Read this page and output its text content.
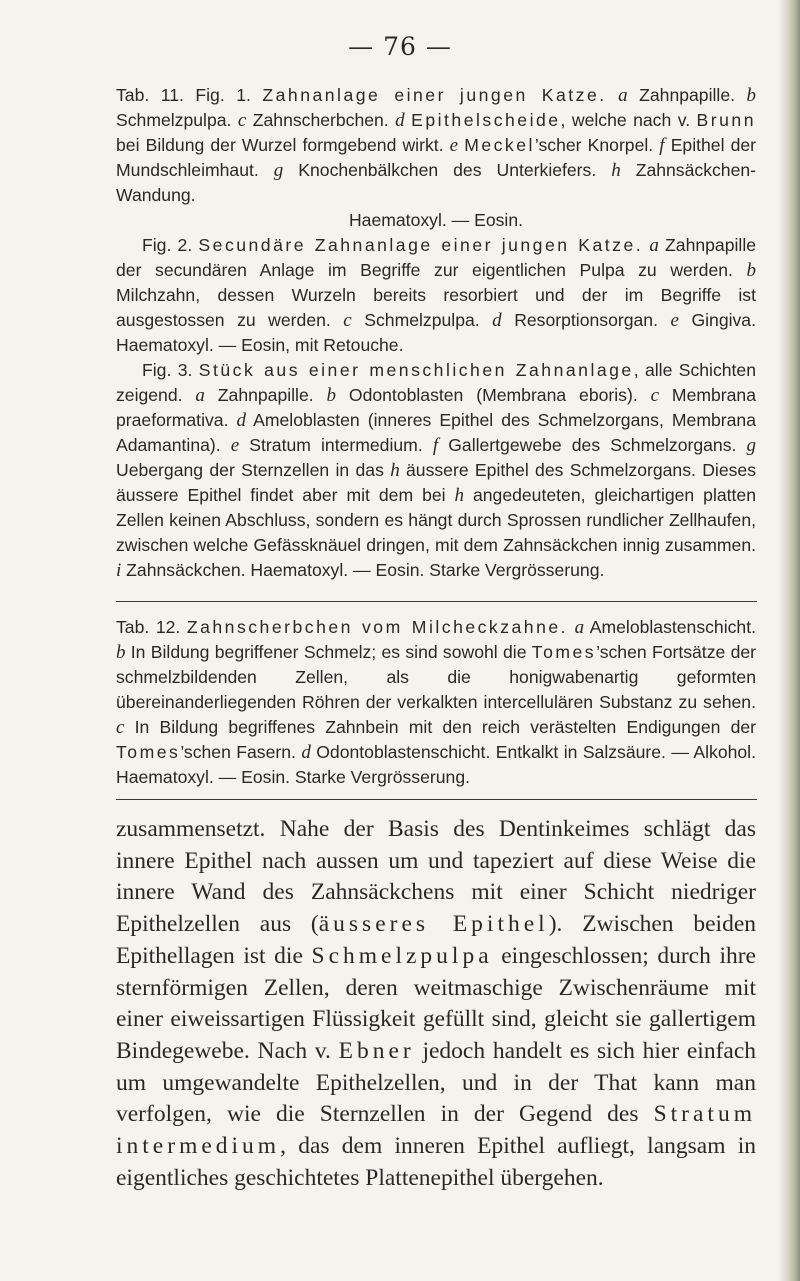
— 76 —

Tab. 11. Fig. 1. Zahnanlage einer jungen Katze. a Zahnpapille. b Schmelzpulpa. c Zahnscherbchen. d Epithelscheide, welche nach v. Brunn bei Bildung der Wurzel formgebend wirkt. e Meckel’scher Knorpel. f Epithel der Mundschleimhaut. g Knochenbälkchen des Unterkiefers. h Zahnsäckchen-Wandung.

Haematoxyl. — Eosin.

Fig. 2. Secundäre Zahnanlage einer jungen Katze. a Zahnpapille der secundären Anlage im Begriffe zur eigentlichen Pulpa zu werden. b Milchzahn, dessen Wurzeln bereits resorbiert und der im Begriffe ist ausgestossen zu werden. c Schmelzpulpa. d Resorptionsorgan. e Gingiva. Haematoxyl. — Eosin, mit Retouche.

Fig. 3. Stück aus einer menschlichen Zahnanlage, alle Schichten zeigend. a Zahnpapille. b Odontoblasten (Membrana eboris). c Membrana praeformativa. d Ameloblasten (inneres Epithel des Schmelzorgans, Membrana Adamantina). e Stratum intermedium. f Gallertgewebe des Schmelzorgans. g Uebergang der Sternzellen in das h äussere Epithel des Schmelzorgans. Dieses äussere Epithel findet aber mit dem bei h angedeuteten, gleichartigen platten Zellen keinen Abschluss, sondern es hängt durch Sprossen rundlicher Zellhaufen, zwischen welche Gefässknäuel dringen, mit dem Zahnsäckchen innig zusammen. i Zahnsäckchen. Haematoxyl. — Eosin. Starke Vergrösserung.

Tab. 12. Zahnscherbchen vom Milcheckzahne. a Ameloblastenschicht. b In Bildung begriffener Schmelz; es sind sowohl die Tomes’schen Fortsätze der schmelzbildenden Zellen, als die honigwabenartig geformten übereinanderliegenden Röhren der verkalkten intercellulären Substanz zu sehen. c In Bildung begriffenes Zahnbein mit den reich verästelten Endigungen der Tomes’schen Fasern. d Odontoblastenschicht. Entkalkt in Salzsäure. — Alkohol. Haematoxyl. — Eosin. Starke Vergrösserung.

zusammensetzt. Nahe der Basis des Dentinkeimes schlägt das innere Epithel nach aussen um und tapeziert auf diese Weise die innere Wand des Zahnsäckchens mit einer Schicht niedriger Epithelzellen aus (äusseres Epithel). Zwischen beiden Epithellagen ist die Schmelzpulpa eingeschlossen; durch ihre sternförmigen Zellen, deren weitmaschige Zwischenräume mit einer eiweissartigen Flüssigkeit gefüllt sind, gleicht sie gallertigem Bindegewebe. Nach v. Ebner jedoch handelt es sich hier einfach um umgewandelte Epithelzellen, und in der That kann man verfolgen, wie die Sternzellen in der Gegend des Stratum intermedium, das dem inneren Epithel aufliegt, langsam in eigentliches geschichtetes Plattenepithel übergehen.
